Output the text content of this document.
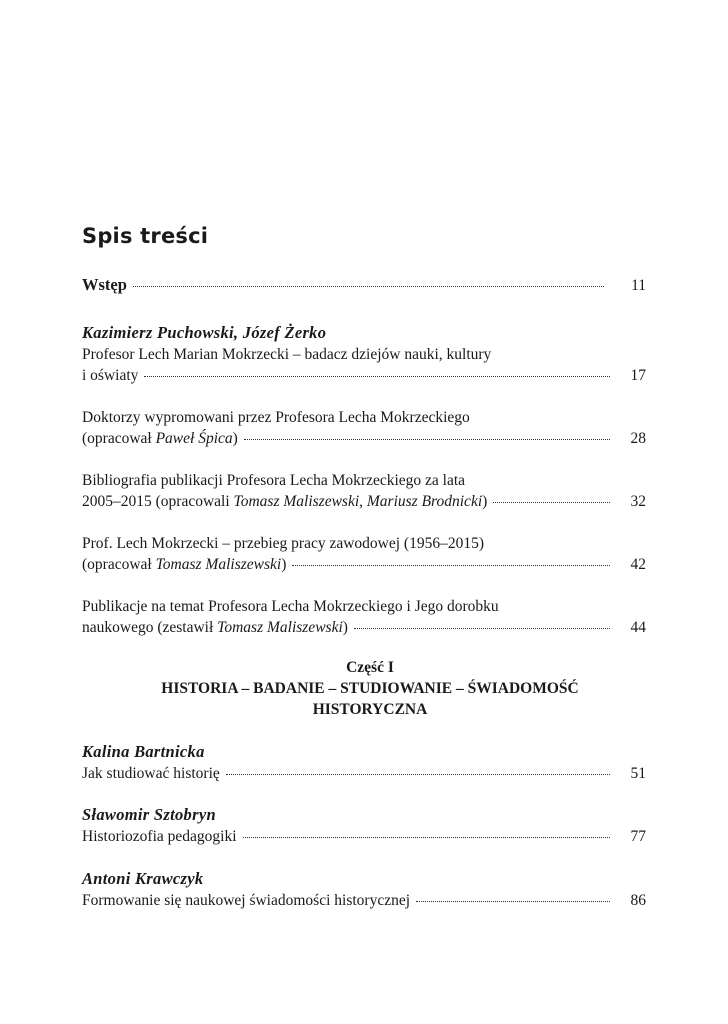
Spis treści
Wstęp	11
Kazimierz Puchowski, Józef Żerko
Profesor Lech Marian Mokrzecki – badacz dziejów nauki, kultury
i oświaty	17
Doktorzy wypromowani przez Profesora Lecha Mokrzeckiego
(opracował Paweł Śpica)	28
Bibliografia publikacji Profesora Lecha Mokrzeckiego za lata
2005–2015 (opracowali Tomasz Maliszewski, Mariusz Brodnicki)	32
Prof. Lech Mokrzecki – przebieg pracy zawodowej (1956–2015)
(opracował Tomasz Maliszewski)	42
Publikacje na temat Profesora Lecha Mokrzeckiego i Jego dorobku
naukowego (zestawił Tomasz Maliszewski)	44
Część I
HISTORIA – BADANIE – STUDIOWANIE – ŚWIADOMOŚĆ
HISTORYCZNA
Kalina Bartnicka
Jak studiować historię	51
Sławomir Sztobryn
Historiozofia pedagogiki	77
Antoni Krawczyk
Formowanie się naukowej świadomości historycznej	86
